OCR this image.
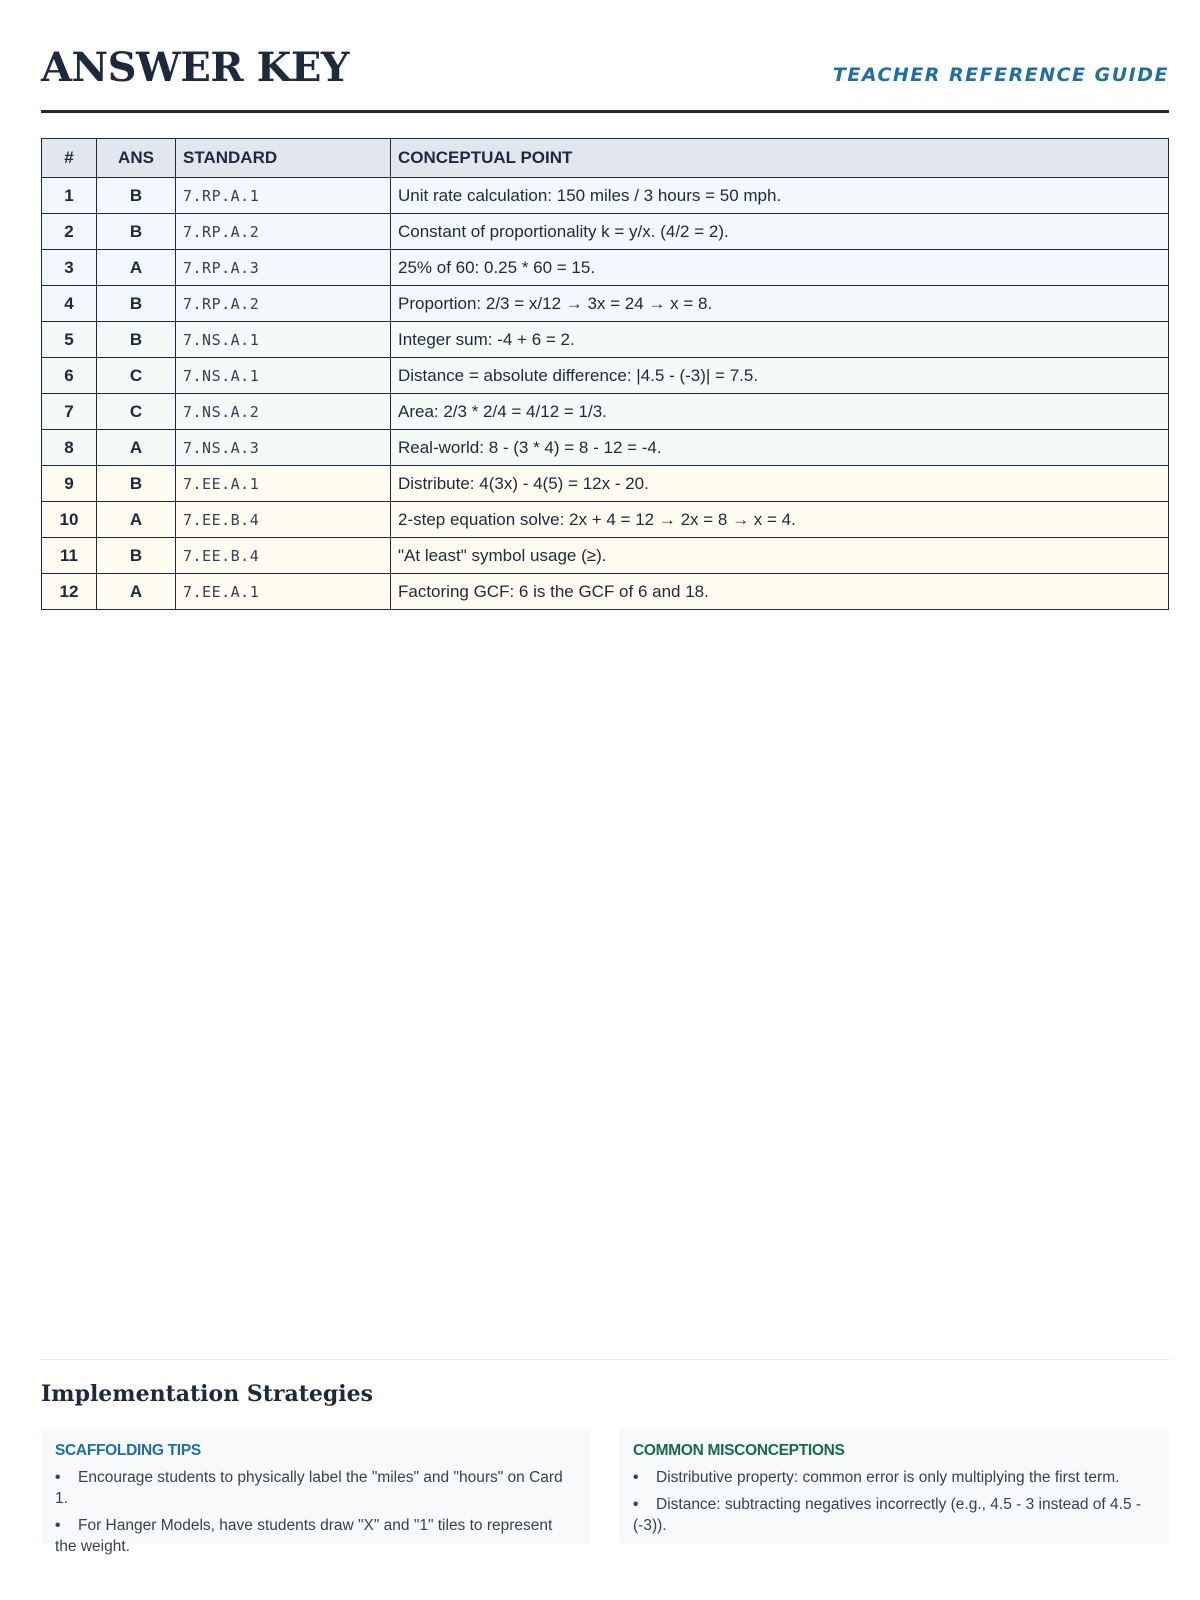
ANSWER KEY	TEACHER REFERENCE GUIDE
#	ANS	STANDARD	CONCEPTUAL POINT
1	B	7.RP.A.1	Unit rate calculation: 150 miles / 3 hours = 50 mph.
2	B	7.RP.A.2	Constant of proportionality k = y/x. (4/2 = 2).
3	A	7.RP.A.3	25% of 60: 0.25 * 60 = 15.
4	B	7.RP.A.2	Proportion: 2/3 = x/12 → 3x = 24 → x = 8.
5	B	7.NS.A.1	Integer sum: -4 + 6 = 2.
6	C	7.NS.A.1	Distance = absolute difference: |4.5 - (-3)| = 7.5.
7	C	7.NS.A.2	Area: 2/3 * 2/4 = 4/12 = 1/3.
8	A	7.NS.A.3	Real-world: 8 - (3 * 4) = 8 - 12 = -4.
9	B	7.EE.A.1	Distribute: 4(3x) - 4(5) = 12x - 20.
10	A	7.EE.B.4	2-step equation solve: 2x + 4 = 12 → 2x = 8 → x = 4.
11	B	7.EE.B.4	"At least" symbol usage (≥).
12	A	7.EE.A.1	Factoring GCF: 6 is the GCF of 6 and 18.
Implementation Strategies
SCAFFOLDING TIPS
• Encourage students to physically label the "miles" and "hours" on Card 1.
• For Hanger Models, have students draw "X" and "1" tiles to represent the weight.
COMMON MISCONCEPTIONS
• Distributive property: common error is only multiplying the first term.
• Distance: subtracting negatives incorrectly (e.g., 4.5 - 3 instead of 4.5 - (-3)).
